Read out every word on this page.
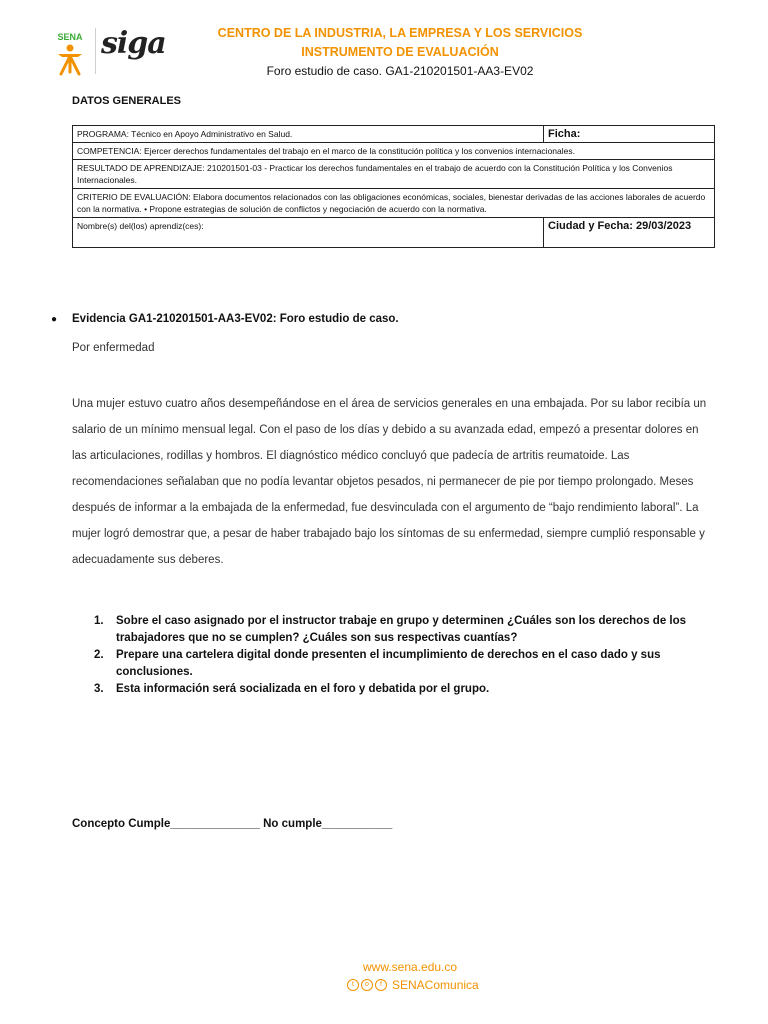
SENA siga	CENTRO DE LA INDUSTRIA, LA EMPRESA Y LOS SERVICIOS
INSTRUMENTO DE EVALUACIÓN
Foro estudio de caso. GA1-210201501-AA3-EV02
DATOS GENERALES
PROGRAMA: Técnico en Apoyo Administrativo en Salud.	Ficha:
COMPETENCIA: Ejercer derechos fundamentales del trabajo en el marco de la constitución política y los convenios internacionales.	
RESULTADO DE APRENDIZAJE: 210201501-03 - Practicar los derechos fundamentales en el trabajo de acuerdo con la Constitución Política y los Convenios Internacionales.	
CRITERIO DE EVALUACIÓN: Elabora documentos relacionados con las obligaciones económicas, sociales, bienestar derivadas de las acciones laborales de acuerdo con la normativa. • Propone estrategias de solución de conflictos y negociación de acuerdo con la normativa.	
Nombre(s) del(los) aprendiz(ces):	Ciudad y Fecha: 29/03/2023
● Evidencia GA1-210201501-AA3-EV02: Foro estudio de caso.
Por enfermedad
Una mujer estuvo cuatro años desempeñándose en el área de servicios generales en una embajada. Por su labor recibía un salario de un mínimo mensual legal. Con el paso de los días y debido a su avanzada edad, empezó a presentar dolores en las articulaciones, rodillas y hombros. El diagnóstico médico concluyó que padecía de artritis reumatoide. Las recomendaciones señalaban que no podía levantar objetos pesados, ni permanecer de pie por tiempo prolongado. Meses después de informar a la embajada de la enfermedad, fue desvinculada con el argumento de “bajo rendimiento laboral”. La mujer logró demostrar que, a pesar de haber trabajado bajo los síntomas de su enfermedad, siempre cumplió responsable y adecuadamente sus deberes.
1. Sobre el caso asignado por el instructor trabaje en grupo y determinen ¿Cuáles son los derechos de los trabajadores que no se cumplen? ¿Cuáles son sus respectivas cuantías?
2. Prepare una cartelera digital donde presenten el incumplimiento de derechos en el caso dado y sus conclusiones.
3. Esta información será socializada en el foro y debatida por el grupo.
Concepto Cumple______________ No cumple___________
www.sena.edu.co
t	o	f SENAComunica
